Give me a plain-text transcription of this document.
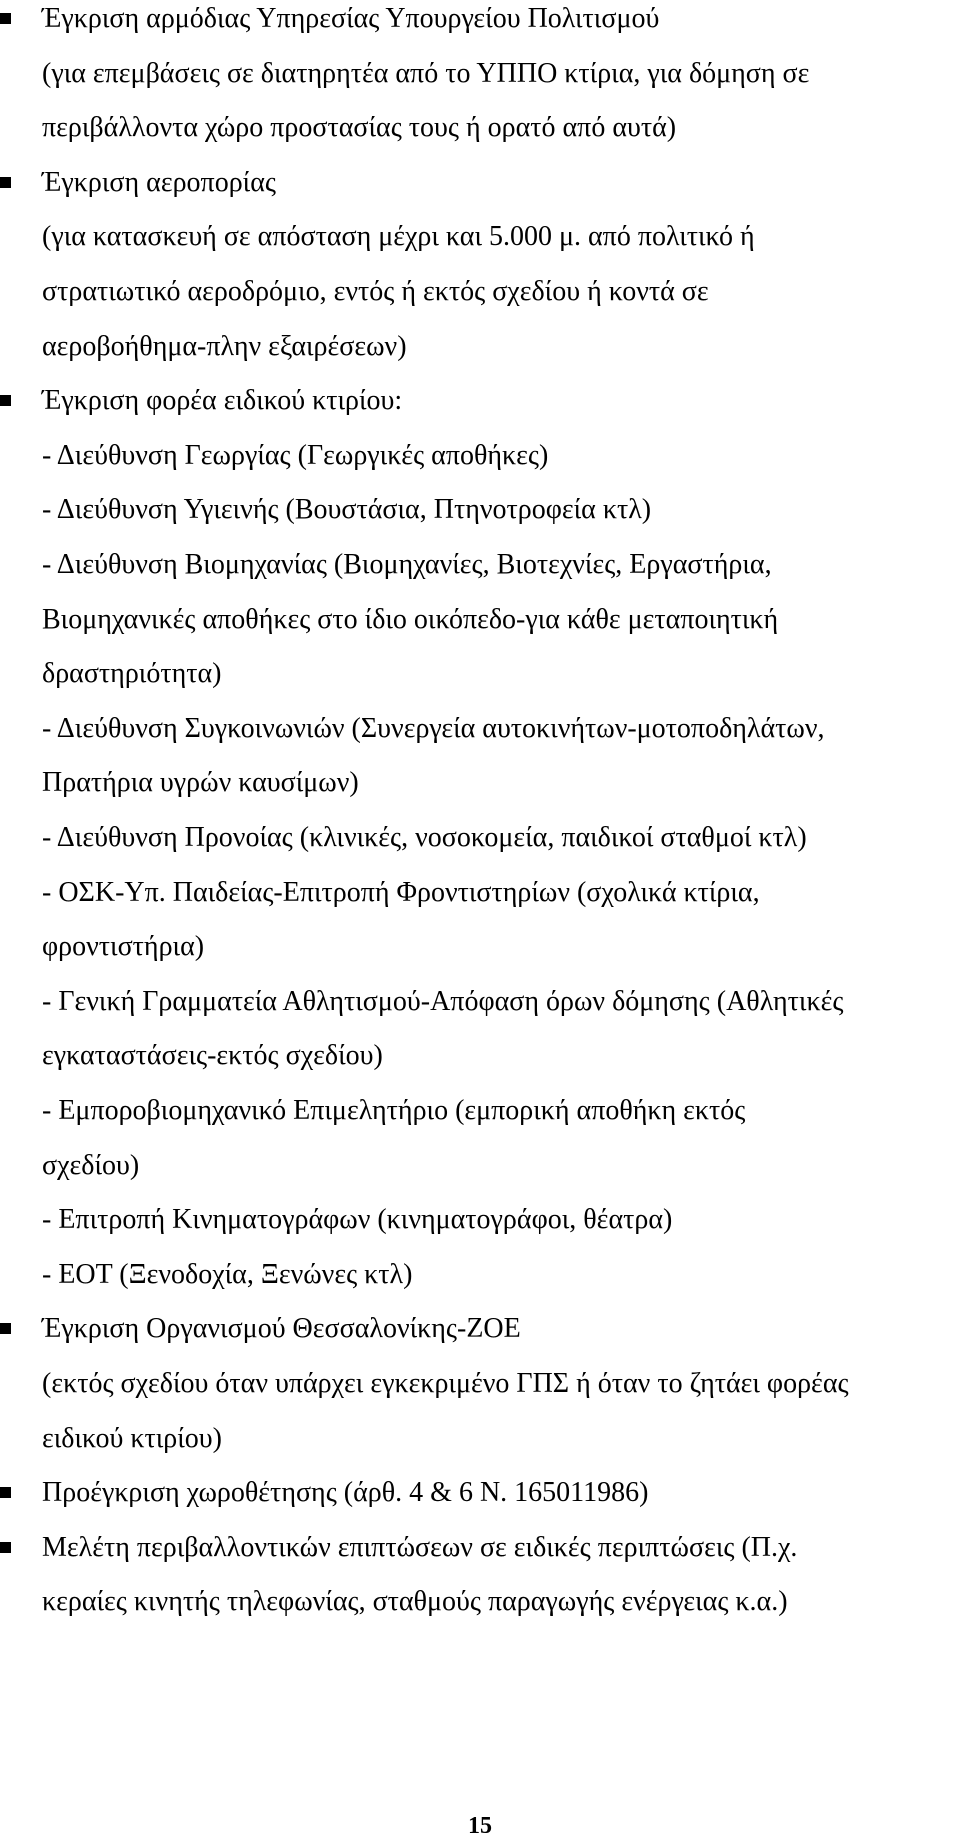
Έγκριση αρμόδιας Υπηρεσίας Υπουργείου Πολιτισμού
(για επεμβάσεις σε διατηρητέα από το ΥΠΠΟ κτίρια, για δόμηση σε
περιβάλλοντα χώρο προστασίας τους ή ορατό από αυτά)
Έγκριση αεροπορίας
(για κατασκευή σε απόσταση μέχρι και 5.000 μ. από πολιτικό ή
στρατιωτικό αεροδρόμιο, εντός ή εκτός σχεδίου ή κοντά σε
αεροβοήθημα-πλην εξαιρέσεων)
Έγκριση φορέα ειδικού κτιρίου:
- Διεύθυνση Γεωργίας (Γεωργικές αποθήκες)
- Διεύθυνση Υγιεινής (Βουστάσια, Πτηνοτροφεία κτλ)
- Διεύθυνση Βιομηχανίας (Βιομηχανίες, Βιοτεχνίες, Εργαστήρια,
Βιομηχανικές αποθήκες στο ίδιο οικόπεδο-για κάθε μεταποιητική
δραστηριότητα)
- Διεύθυνση Συγκοινωνιών (Συνεργεία αυτοκινήτων-μοτοποδηλάτων,
Πρατήρια υγρών καυσίμων)
- Διεύθυνση Προνοίας (κλινικές, νοσοκομεία, παιδικοί σταθμοί κτλ)
- ΟΣΚ-Υπ. Παιδείας-Επιτροπή Φροντιστηρίων (σχολικά κτίρια,
φροντιστήρια)
- Γενική Γραμματεία Αθλητισμού-Απόφαση όρων δόμησης (Αθλητικές
εγκαταστάσεις-εκτός σχεδίου)
- Εμποροβιομηχανικό Επιμελητήριο (εμπορική αποθήκη εκτός
σχεδίου)
- Επιτροπή Κινηματογράφων (κινηματογράφοι, θέατρα)
- ΕΟΤ (Ξενοδοχία, Ξενώνες κτλ)
Έγκριση Οργανισμού Θεσσαλονίκης-ΖΟΕ
(εκτός σχεδίου όταν υπάρχει εγκεκριμένο ΓΠΣ ή όταν το ζητάει φορέας
ειδικού κτιρίου)
Προέγκριση χωροθέτησης (άρθ. 4 & 6 Ν. 165011986)
Μελέτη περιβαλλοντικών επιπτώσεων σε ειδικές περιπτώσεις (Π.χ.
κεραίες κινητής τηλεφωνίας, σταθμούς παραγωγής ενέργειας κ.α.)
15
